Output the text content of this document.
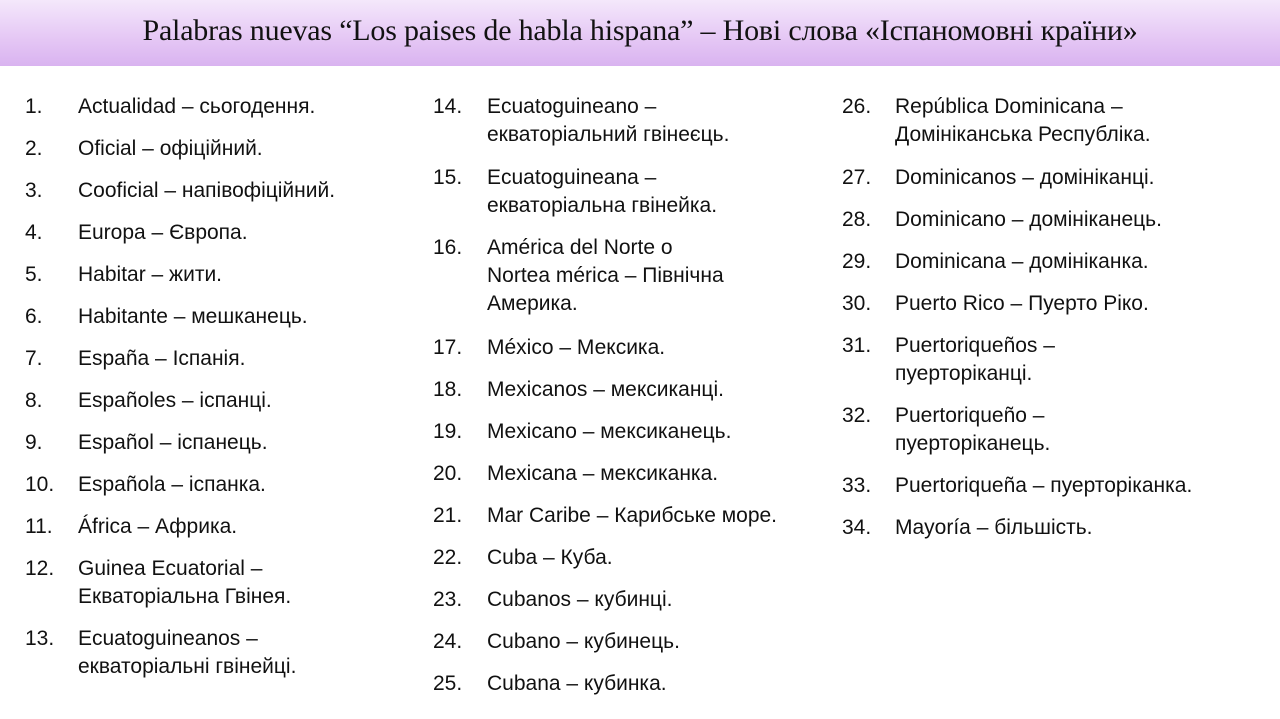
Palabras nuevas “Los paises de habla hispana” – Нові слова «Іспаномовні країни»
1. Actualidad – сьогодення.
2. Oficial – офіційний.
3. Cooficial – напівофіційний.
4. Europa – Європа.
5. Habitar – жити.
6. Habitante – мешканець.
7. España – Іспанія.
8. Españoles – іспанці.
9. Español – іспанець.
10. Española – іспанка.
11. África – Африка.
12. Guinea Ecuatorial –
Екваторіальна Гвінея.
13. Ecuatoguineanos –
екваторіальні гвінейці.
14. Ecuatoguineano –
екваторіальний гвінеєць.
15. Ecuatoguineana –
екваторіальна гвінейка.
16. América del Norte o
Nortea mérica – Північна
Америка.
17. México – Мексика.
18. Mexicanos – мексиканці.
19. Mexicano – мексиканець.
20. Mexicana – мексиканка.
21. Mar Caribe – Карибське море.
22. Cuba – Куба.
23. Cubanos – кубинці.
24. Cubano – кубинець.
25. Cubana – кубинка.
26. República Dominicana –
Домініканська Республіка.
27. Dominicanos – домініканці.
28. Dominicano – домініканець.
29. Dominicana – домініканка.
30. Puerto Rico – Пуерто Ріко.
31. Puertoriqueños –
пуерторіканці.
32. Puertoriqueño –
пуерторіканець.
33. Puertoriqueña – пуерторіканка.
34. Mayoría – більшість.
